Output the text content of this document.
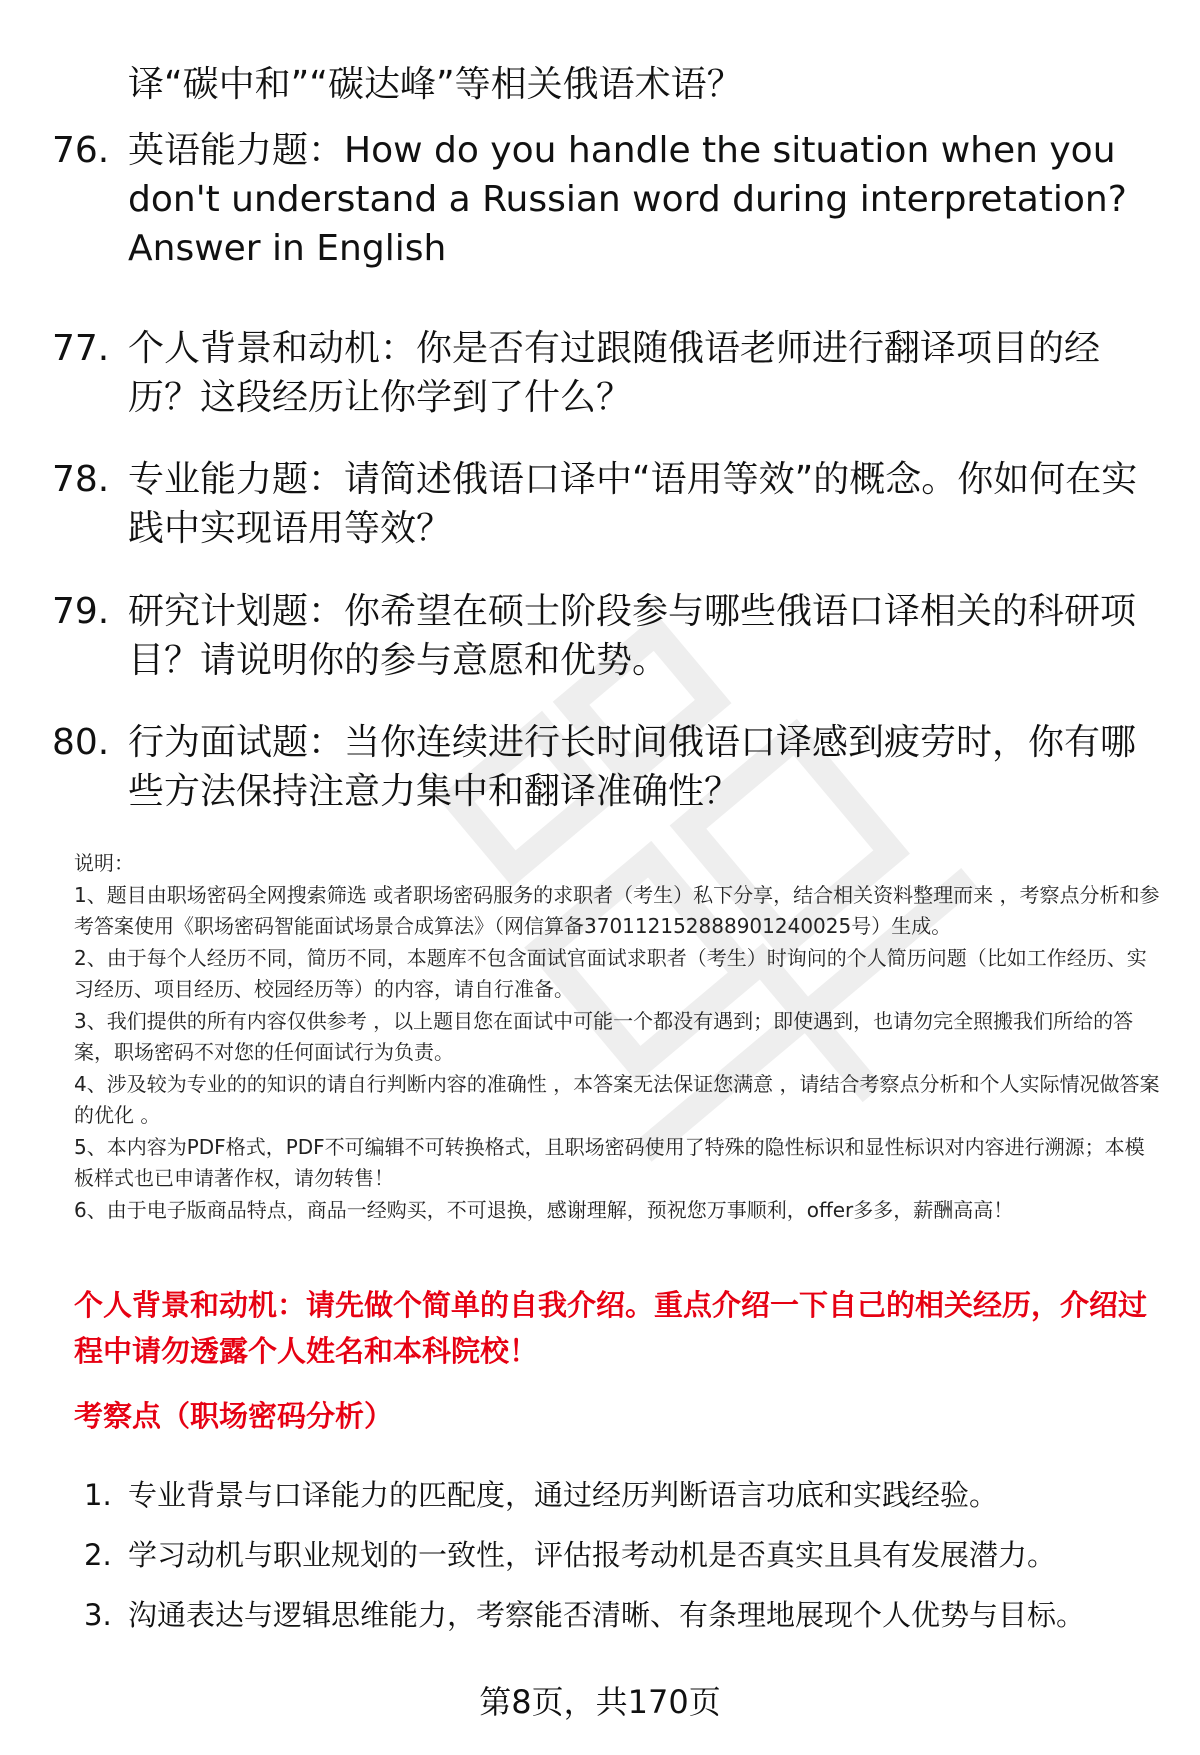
译“碳中和”“碳达峰”等相关俄语术语？
76. 英语能力题：How do you handle the situation when you don't understand a Russian word during interpretation? Answer in English
77. 个人背景和动机：你是否有过跟随俄语老师进行翻译项目的经历？这段经历让你学到了什么？
78. 专业能力题：请简述俄语口译中“语用等效”的概念。你如何在实践中实现语用等效？
79. 研究计划题：你希望在硕士阶段参与哪些俄语口译相关的科研项目？请说明你的参与意愿和优势。
80. 行为面试题：当你连续进行长时间俄语口译感到疲劳时，你有哪些方法保持注意力集中和翻译准确性？

说明：

1、题目由职场密码全网搜索筛选 或者职场密码服务的求职者（考生）私下分享，结合相关资料整理而来 ，考察点分析和参考答案使用《职场密码智能面试场景合成算法》（网信算备370112152888901240025号）生成。

2、由于每个人经历不同，简历不同，本题库不包含面试官面试求职者（考生）时询问的个人简历问题（比如工作经历、实习经历、项目经历、校园经历等）的内容，请自行准备。

3、我们提供的所有内容仅供参考 ，以上题目您在面试中可能一个都没有遇到；即使遇到，也请勿完全照搬我们所给的答案，职场密码不对您的任何面试行为负责。

4、涉及较为专业的的知识的请自行判断内容的准确性 ，本答案无法保证您满意 ，请结合考察点分析和个人实际情况做答案的优化 。

5、本内容为PDF格式，PDF不可编辑不可转换格式，且职场密码使用了特殊的隐性标识和显性标识对内容进行溯源；本模板样式也已申请著作权，请勿转售！

6、由于电子版商品特点，商品一经购买，不可退换，感谢理解，预祝您万事顺利，offer多多，薪酬高高！

个人背景和动机：请先做个简单的自我介绍。重点介绍一下自己的相关经历，介绍过程中请勿透露个人姓名和本科院校！
考察点（职场密码分析）
1. 专业背景与口译能力的匹配度，通过经历判断语言功底和实践经验。
2. 学习动机与职业规划的一致性，评估报考动机是否真实且具有发展潜力。
3. 沟通表达与逻辑思维能力，考察能否清晰、有条理地展现个人优势与目标。
第8页，共170页
